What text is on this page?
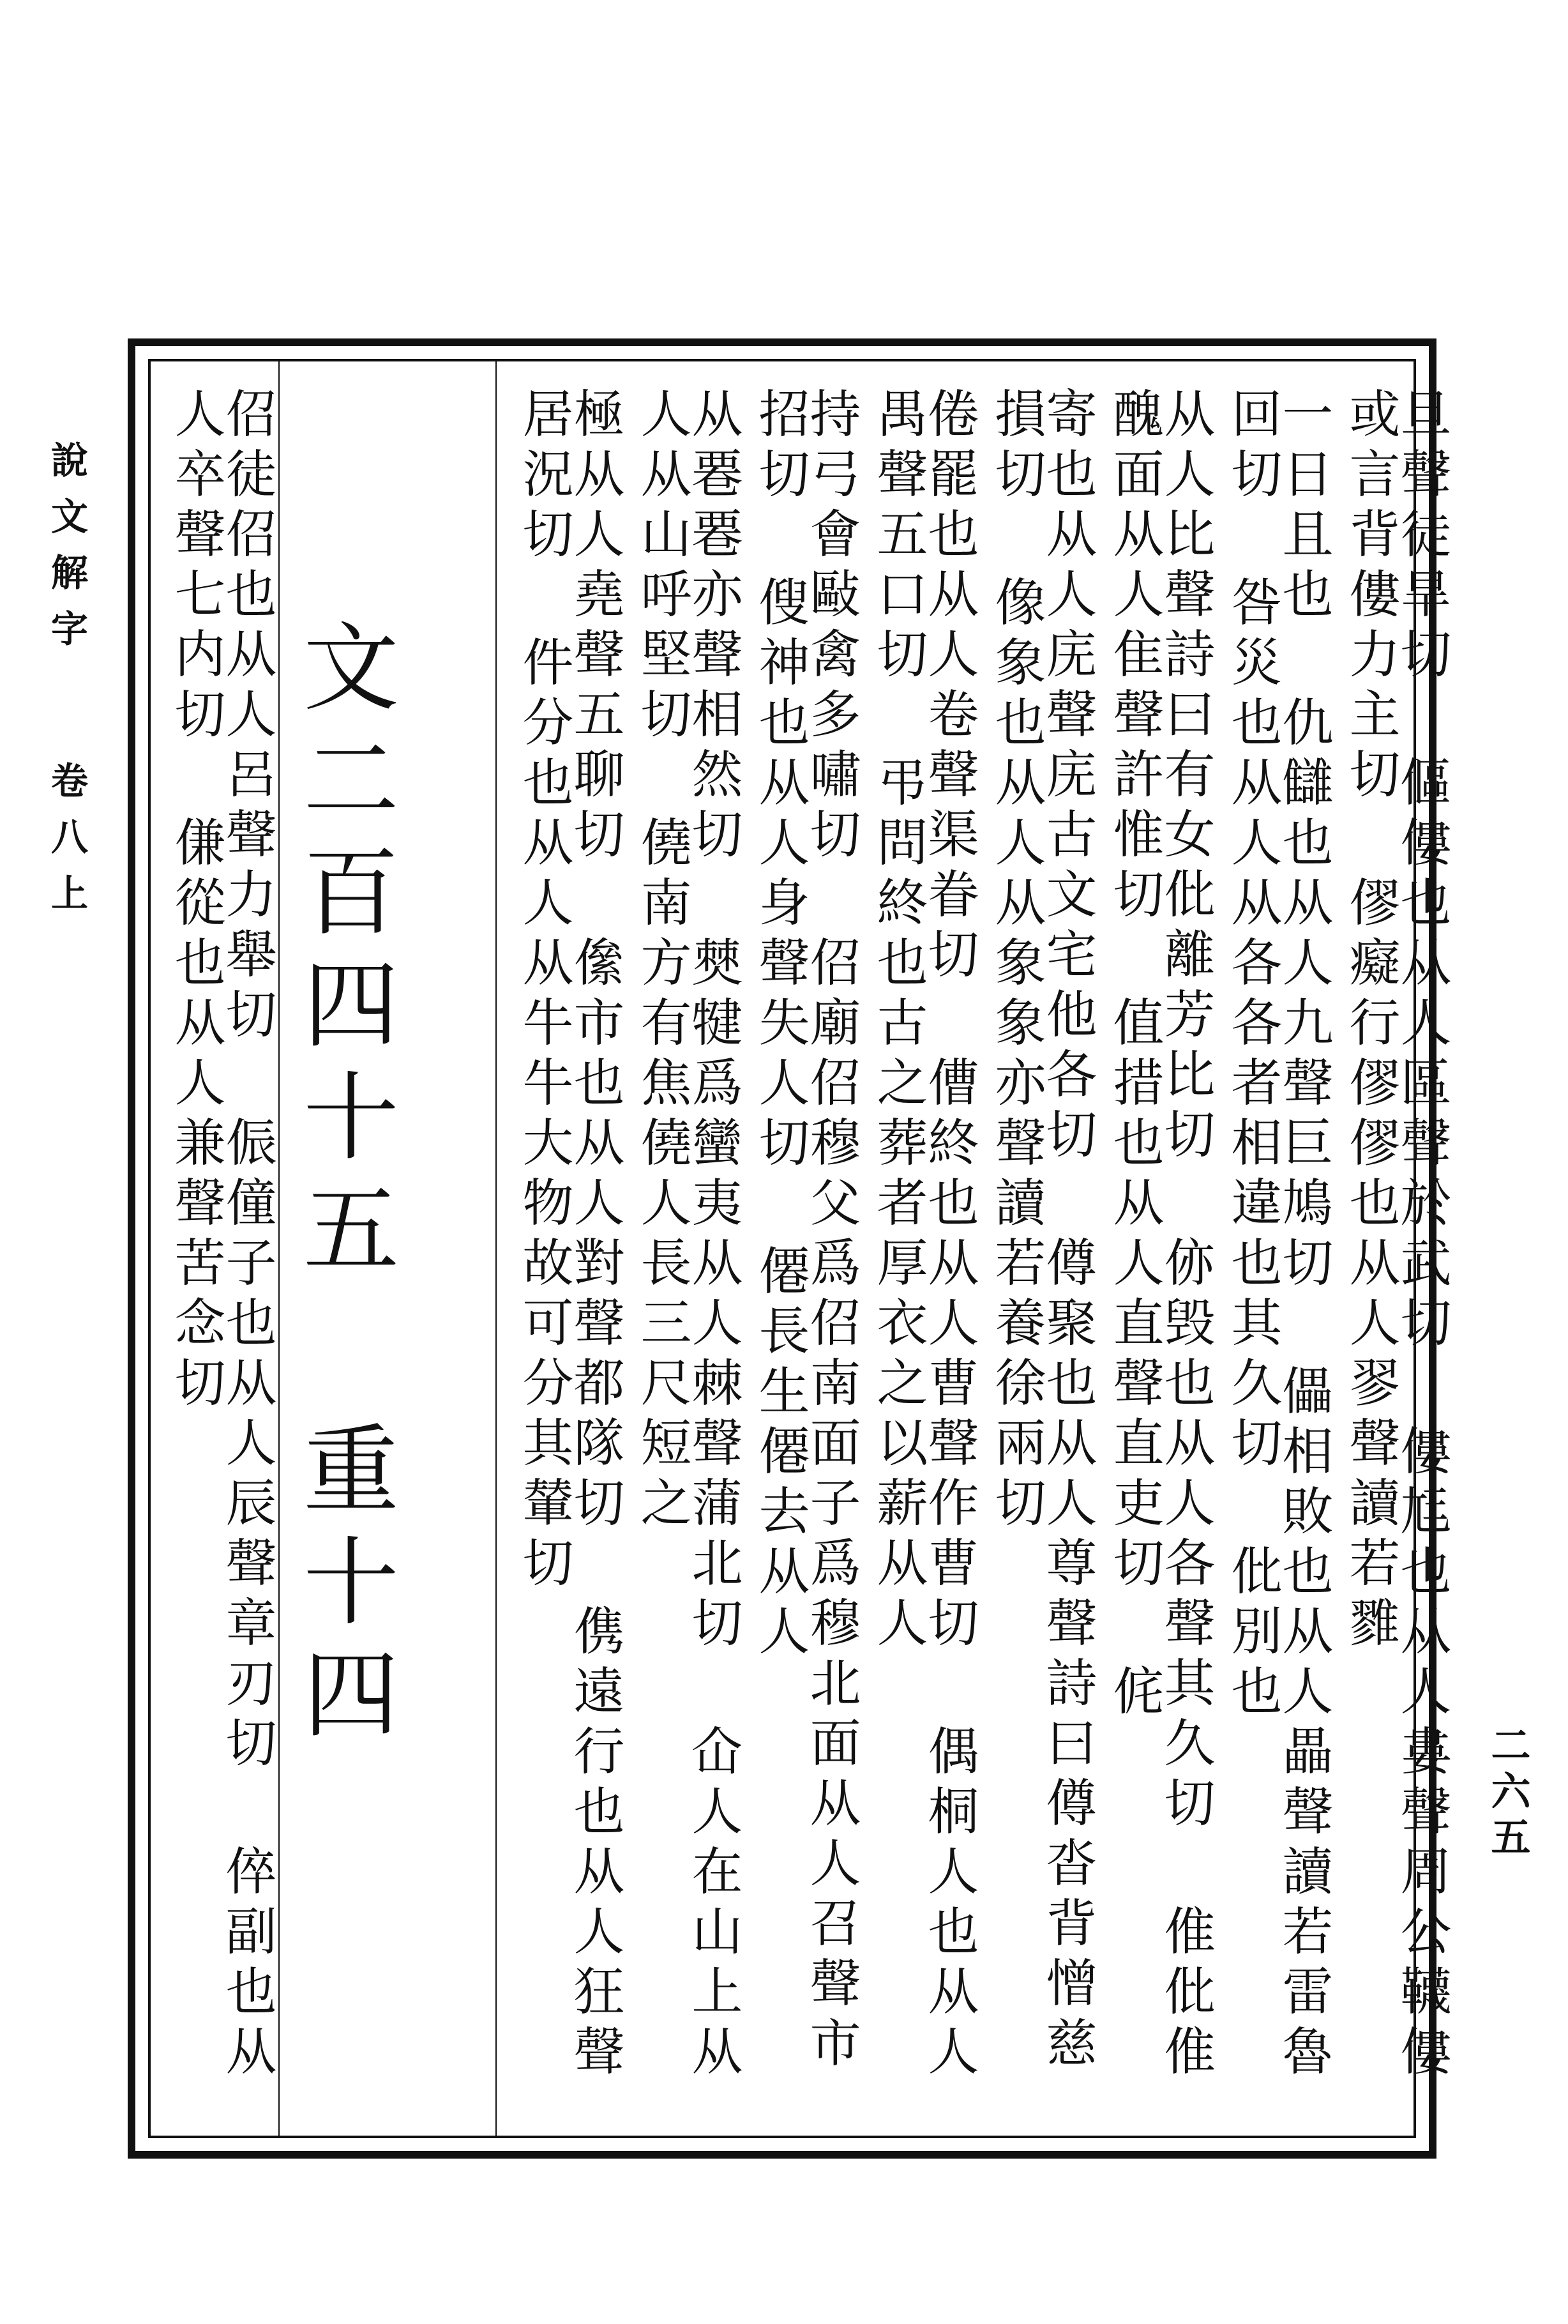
說文解字卷八上
二六五
旦聲徒旱切 傴僂也从人區聲於武切 僂尪也从人婁聲周公韈僂或言背僂力主切 僇癡行僇僇也从人翏聲讀若雡
一日且也 仇讎也从人九聲巨鳩切 儡相敗也从人畾聲讀若雷魯回切 咎災也从人从各各者相違也其久切 仳別也
从人比聲詩曰有女仳離芳比切 㑊毁也从人各聲其久切 倠仳倠醜面从人隹聲許惟切 值措也从人直聲直吏切 侂
寄也从人庑聲庑古文宅他各切 僔聚也从人尊聲詩曰僔沓背憎慈損切 像象也从人从象象亦聲讀若養徐兩切
倦罷也从人卷聲渠眷切 傮終也从人曹聲作曹切 偶桐人也从人禺聲五口切 弔問終也古之葬者厚衣之以薪从人
持弓會敺禽多嘯切 佋廟佋穆父爲佋南面子爲穆北面从人召聲市招切 傁神也从人身聲失人切 僊長生僊去从人
从䙴䙴亦聲相然切 僰犍爲蠻夷从人棘聲蒲北切 仚人在山上从人从山呼堅切 僥南方有焦僥人長三尺短之
極从人堯聲五聊切 㒍市也从人對聲都隊切 㑺遠行也从人狂聲居況切 件分也从人从牛牛大物故可分其輦切
文二百四十五 重十四
佋徒佋也从人呂聲力舉切 侲僮子也从人辰聲章刃切 倅副也从人卒聲七内切 傔從也从人兼聲苦念切
